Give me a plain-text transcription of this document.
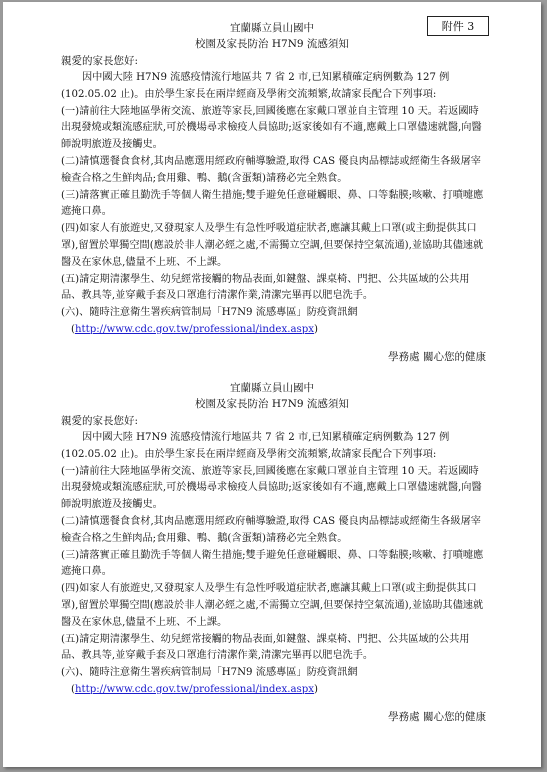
附件 3
宜蘭縣立員山國中
校園及家長防治 H7N9 流感須知
親愛的家長您好:

因中國大陸 H7N9 流感疫情流行地區共 7 省 2 市,已知累積確定病例數為 127 例(102.05.02 止)。由於學生家長在兩岸經商及學術交流頻繁,故請家長配合下列事項:

(一)請前往大陸地區學術交流、旅遊等家長,回國後應在家戴口罩並自主管理 10 天。若返國時出現發燒或類流感症狀,可於機場尋求檢疫人員協助;返家後如有不適,應戴上口罩儘速就醫,向醫師說明旅遊及接觸史。

(二)請慎選餐食食材,其肉品應選用經政府輔導驗證,取得 CAS 優良肉品標誌或經衛生各級屠宰檢查合格之生鮮肉品;食用雞、鴨、鵝(含蛋類)請務必完全熟食。

(三)請落實正確且勤洗手等個人衛生措施;雙手避免任意碰觸眼、鼻、口等黏膜;咳嗽、打噴嚏應遮掩口鼻。

(四)如家人有旅遊史,又發現家人及學生有急性呼吸道症狀者,應讓其戴上口罩(或主動提供其口罩),留置於單獨空間(應設於非人潮必經之處,不需獨立空調,但要保持空氣流通),並協助其儘速就醫及在家休息,儘量不上班、不上課。

(五)請定期清潔學生、幼兒經常接觸的物品表面,如鍵盤、課桌椅、門把、公共區域的公共用品、教具等,並穿戴手套及口罩進行清潔作業,清潔完畢再以肥皂洗手。

(六)、隨時注意衛生署疾病管制局「H7N9 流感專區」防疫資訊網

(http://www.cdc.gov.tw/professional/index.aspx)

學務處 關心您的健康
宜蘭縣立員山國中
校園及家長防治 H7N9 流感須知
親愛的家長您好:

因中國大陸 H7N9 流感疫情流行地區共 7 省 2 市,已知累積確定病例數為 127 例(102.05.02 止)。由於學生家長在兩岸經商及學術交流頻繁,故請家長配合下列事項:

(一)請前往大陸地區學術交流、旅遊等家長,回國後應在家戴口罩並自主管理 10 天。若返國時出現發燒或類流感症狀,可於機場尋求檢疫人員協助;返家後如有不適,應戴上口罩儘速就醫,向醫師說明旅遊及接觸史。

(二)請慎選餐食食材,其肉品應選用經政府輔導驗證,取得 CAS 優良肉品標誌或經衛生各級屠宰檢查合格之生鮮肉品;食用雞、鴨、鵝(含蛋類)請務必完全熟食。

(三)請落實正確且勤洗手等個人衛生措施;雙手避免任意碰觸眼、鼻、口等黏膜;咳嗽、打噴嚏應遮掩口鼻。

(四)如家人有旅遊史,又發現家人及學生有急性呼吸道症狀者,應讓其戴上口罩(或主動提供其口罩),留置於單獨空間(應設於非人潮必經之處,不需獨立空調,但要保持空氣流通),並協助其儘速就醫及在家休息,儘量不上班、不上課。

(五)請定期清潔學生、幼兒經常接觸的物品表面,如鍵盤、課桌椅、門把、公共區域的公共用品、教具等,並穿戴手套及口罩進行清潔作業,清潔完畢再以肥皂洗手。

(六)、隨時注意衛生署疾病管制局「H7N9 流感專區」防疫資訊網

(http://www.cdc.gov.tw/professional/index.aspx)

學務處 關心您的健康
